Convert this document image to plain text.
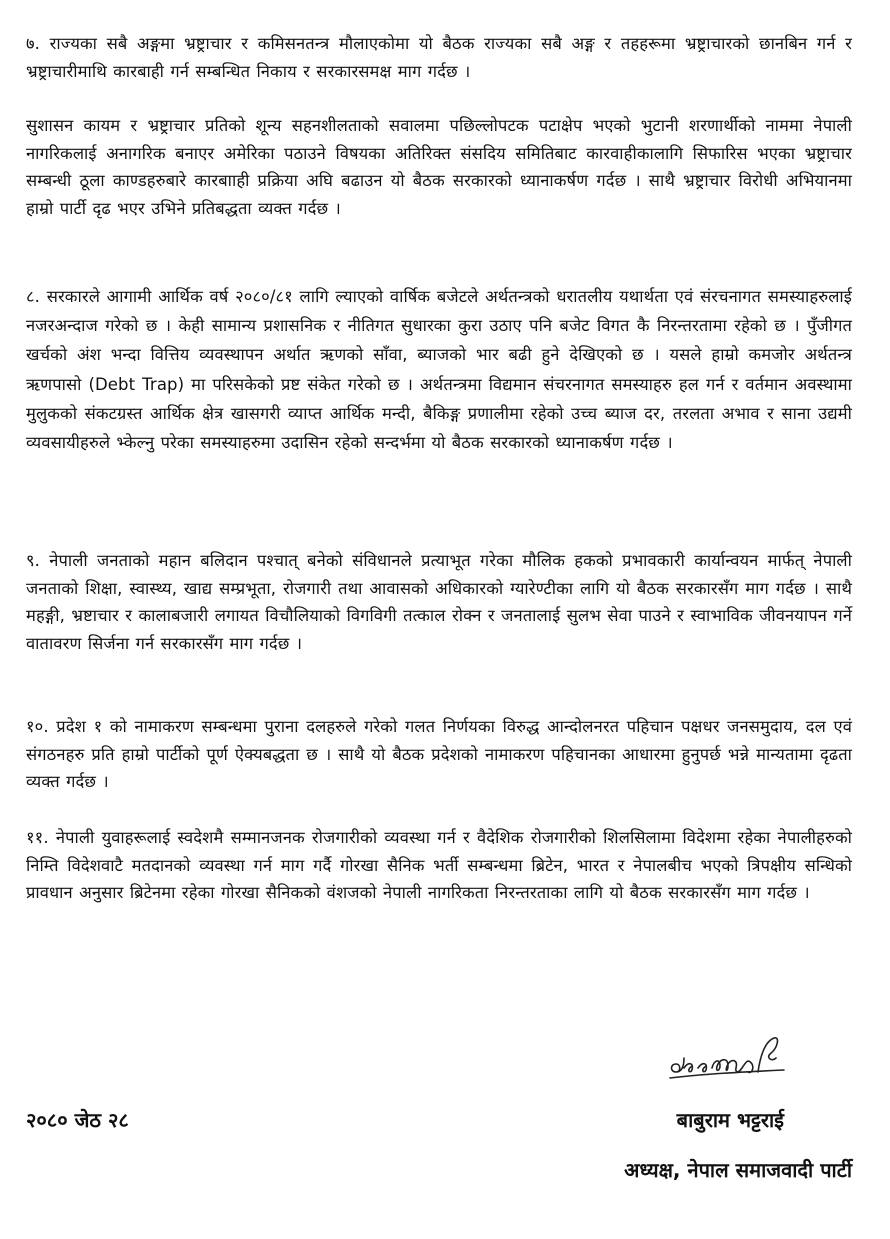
७. राज्यका सबै अङ्गमा भ्रष्ट्राचार र कमिसनतन्त्र मौलाएकोमा यो बैठक राज्यका सबै अङ्ग र तहहरूमा भ्रष्ट्राचारको छानबिन गर्न र भ्रष्ट्राचारीमाथि कारबाही गर्न सम्बन्धित निकाय र सरकारसमक्ष माग गर्दछ ।

सुशासन कायम र भ्रष्ट्राचार प्रतिको शून्य सहनशीलताको सवालमा पछिल्लोपटक पटाक्षेप भएको भुटानी शरणार्थीको नाममा नेपाली नागरिकलाई अनागरिक बनाएर अमेरिका पठाउने विषयका अतिरिक्त संसदिय समितिबाट कारवाहीकालागि सिफारिस भएका भ्रष्ट्राचार सम्बन्धी ठूला काण्डहरुबारे कारबााही प्रक्रिया अघि बढाउन यो बैठक सरकारको ध्यानाकर्षण गर्दछ । साथै भ्रष्ट्राचार विरोधी अभियानमा हाम्रो पार्टी दृढ भएर उभिने प्रतिबद्धता व्यक्त गर्दछ ।

८. सरकारले आगामी आर्थिक वर्ष २०८०/८१ लागि ल्याएको वार्षिक बजेटले अर्थतन्त्रको धरातलीय यथार्थता एवं संरचनागत समस्याहरुलाई नजरअन्दाज गरेको छ । केही सामान्य प्रशासनिक र नीतिगत सुधारका कुरा उठाए पनि बजेट विगत कै निरन्तरतामा रहेको छ । पुँजीगत खर्चको अंश भन्दा वित्तिय व्यवस्थापन अर्थात ऋणको साँवा, ब्याजको भार बढी हुने देखिएको छ । यसले हाम्रो कमजोर अर्थतन्त्र ऋणपासो (Debt Trap) मा परिसकेको प्रष्ट संकेत गरेको छ । अर्थतन्त्रमा विद्यमान संचरनागत समस्याहरु हल गर्न र वर्तमान अवस्थामा मुलुकको संकटग्रस्त आर्थिक क्षेत्र खासगरी व्याप्त आर्थिक मन्दी, बैकिङ्ग प्रणालीमा रहेको उच्च ब्याज दर, तरलता अभाव र साना उद्यमी व्यवसायीहरुले भ्केल्नु परेका समस्याहरुमा उदासिन रहेको सन्दर्भमा यो बैठक सरकारको ध्यानाकर्षण गर्दछ ।

९. नेपाली जनताको महान बलिदान पश्चात् बनेको संविधानले प्रत्याभूत गरेका मौलिक हकको प्रभावकारी कार्यान्वयन मार्फत् नेपाली जनताको शिक्षा, स्वास्थ्य, खाद्य सम्प्रभूता, रोजगारी तथा आवासको अधिकारको ग्यारेण्टीका लागि यो बैठक सरकारसँग माग गर्दछ । साथै महङ्गी, भ्रष्टाचार र कालाबजारी लगायत विचौलियाको विगविगी तत्काल रोक्न र जनतालाई सुलभ सेवा पाउने र स्वाभाविक जीवनयापन गर्ने वातावरण सिर्जना गर्न सरकारसँग माग गर्दछ ।

१०. प्रदेश १ को नामाकरण सम्बन्धमा पुराना दलहरुले गरेको गलत निर्णयका विरुद्ध आन्दोलनरत पहिचान पक्षधर जनसमुदाय, दल एवं संगठनहरु प्रति हाम्रो पार्टीको पूर्ण ऐक्यबद्धता छ । साथै यो बैठक प्रदेशको नामाकरण पहिचानका आधारमा हुनुपर्छ भन्ने मान्यतामा दृढता व्यक्त गर्दछ ।

११. नेपाली युवाहरूलाई स्वदेशमै सम्मानजनक रोजगारीको व्यवस्था गर्न र वैदेशिक रोजगारीको शिलसिलामा विदेशमा रहेका नेपालीहरुको निम्ति विदेशवाटै मतदानको व्यवस्था गर्न माग गर्दै गोरखा सैनिक भर्ती सम्बन्धमा ब्रिटेन, भारत र नेपालबीच भएको त्रिपक्षीय सन्धिको प्रावधान अनुसार ब्रिटेनमा रहेका गोरखा सैनिकको वंशजको नेपाली नागरिकता निरन्तरताका लागि यो बैठक सरकारसँग माग गर्दछ ।

२०८० जेठ २८	बाबुराम भट्टराई

अध्यक्ष, नेपाल समाजवादी पार्टी
